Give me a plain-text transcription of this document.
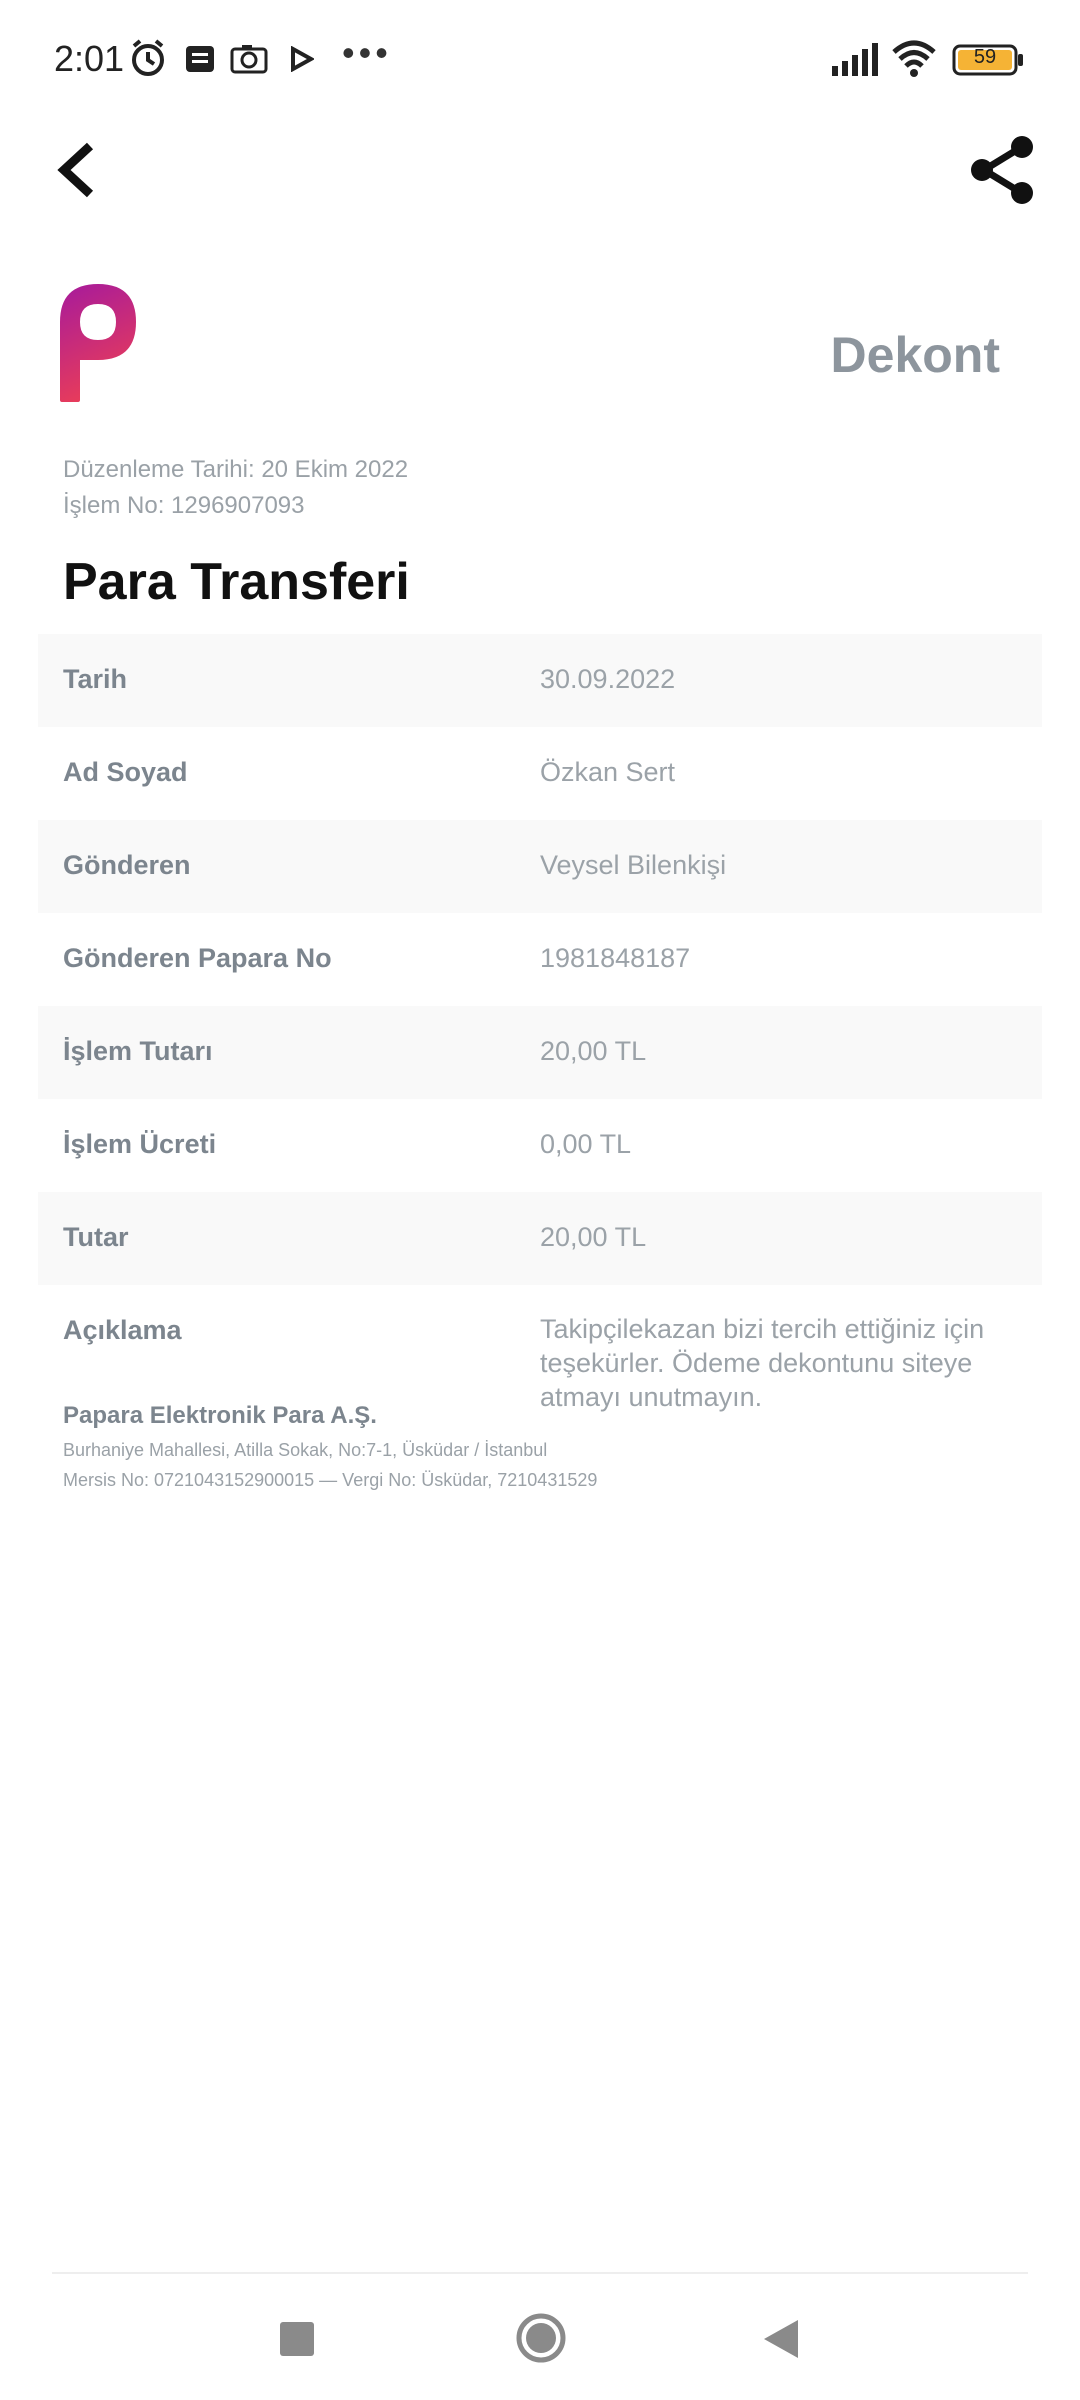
2:01	•••	59
Dekont
Düzenleme Tarihi: 20 Ekim 2022
İşlem No: 1296907093
Para Transferi
Tarih	30.09.2022
Ad Soyad	Özkan Sert
Gönderen	Veysel Bilenkişi
Gönderen Papara No	1981848187
İşlem Tutarı	20,00 TL
İşlem Ücreti	0,00 TL
Tutar	20,00 TL
Açıklama	Takipçilekazan bizi tercih ettiğiniz için teşekürler. Ödeme dekontunu siteye atmayı unutmayın.
Papara Elektronik Para A.Ş.
Burhaniye Mahallesi, Atilla Sokak, No:7-1, Üsküdar / İstanbul
Mersis No: 0721043152900015 — Vergi No: Üsküdar, 7210431529
